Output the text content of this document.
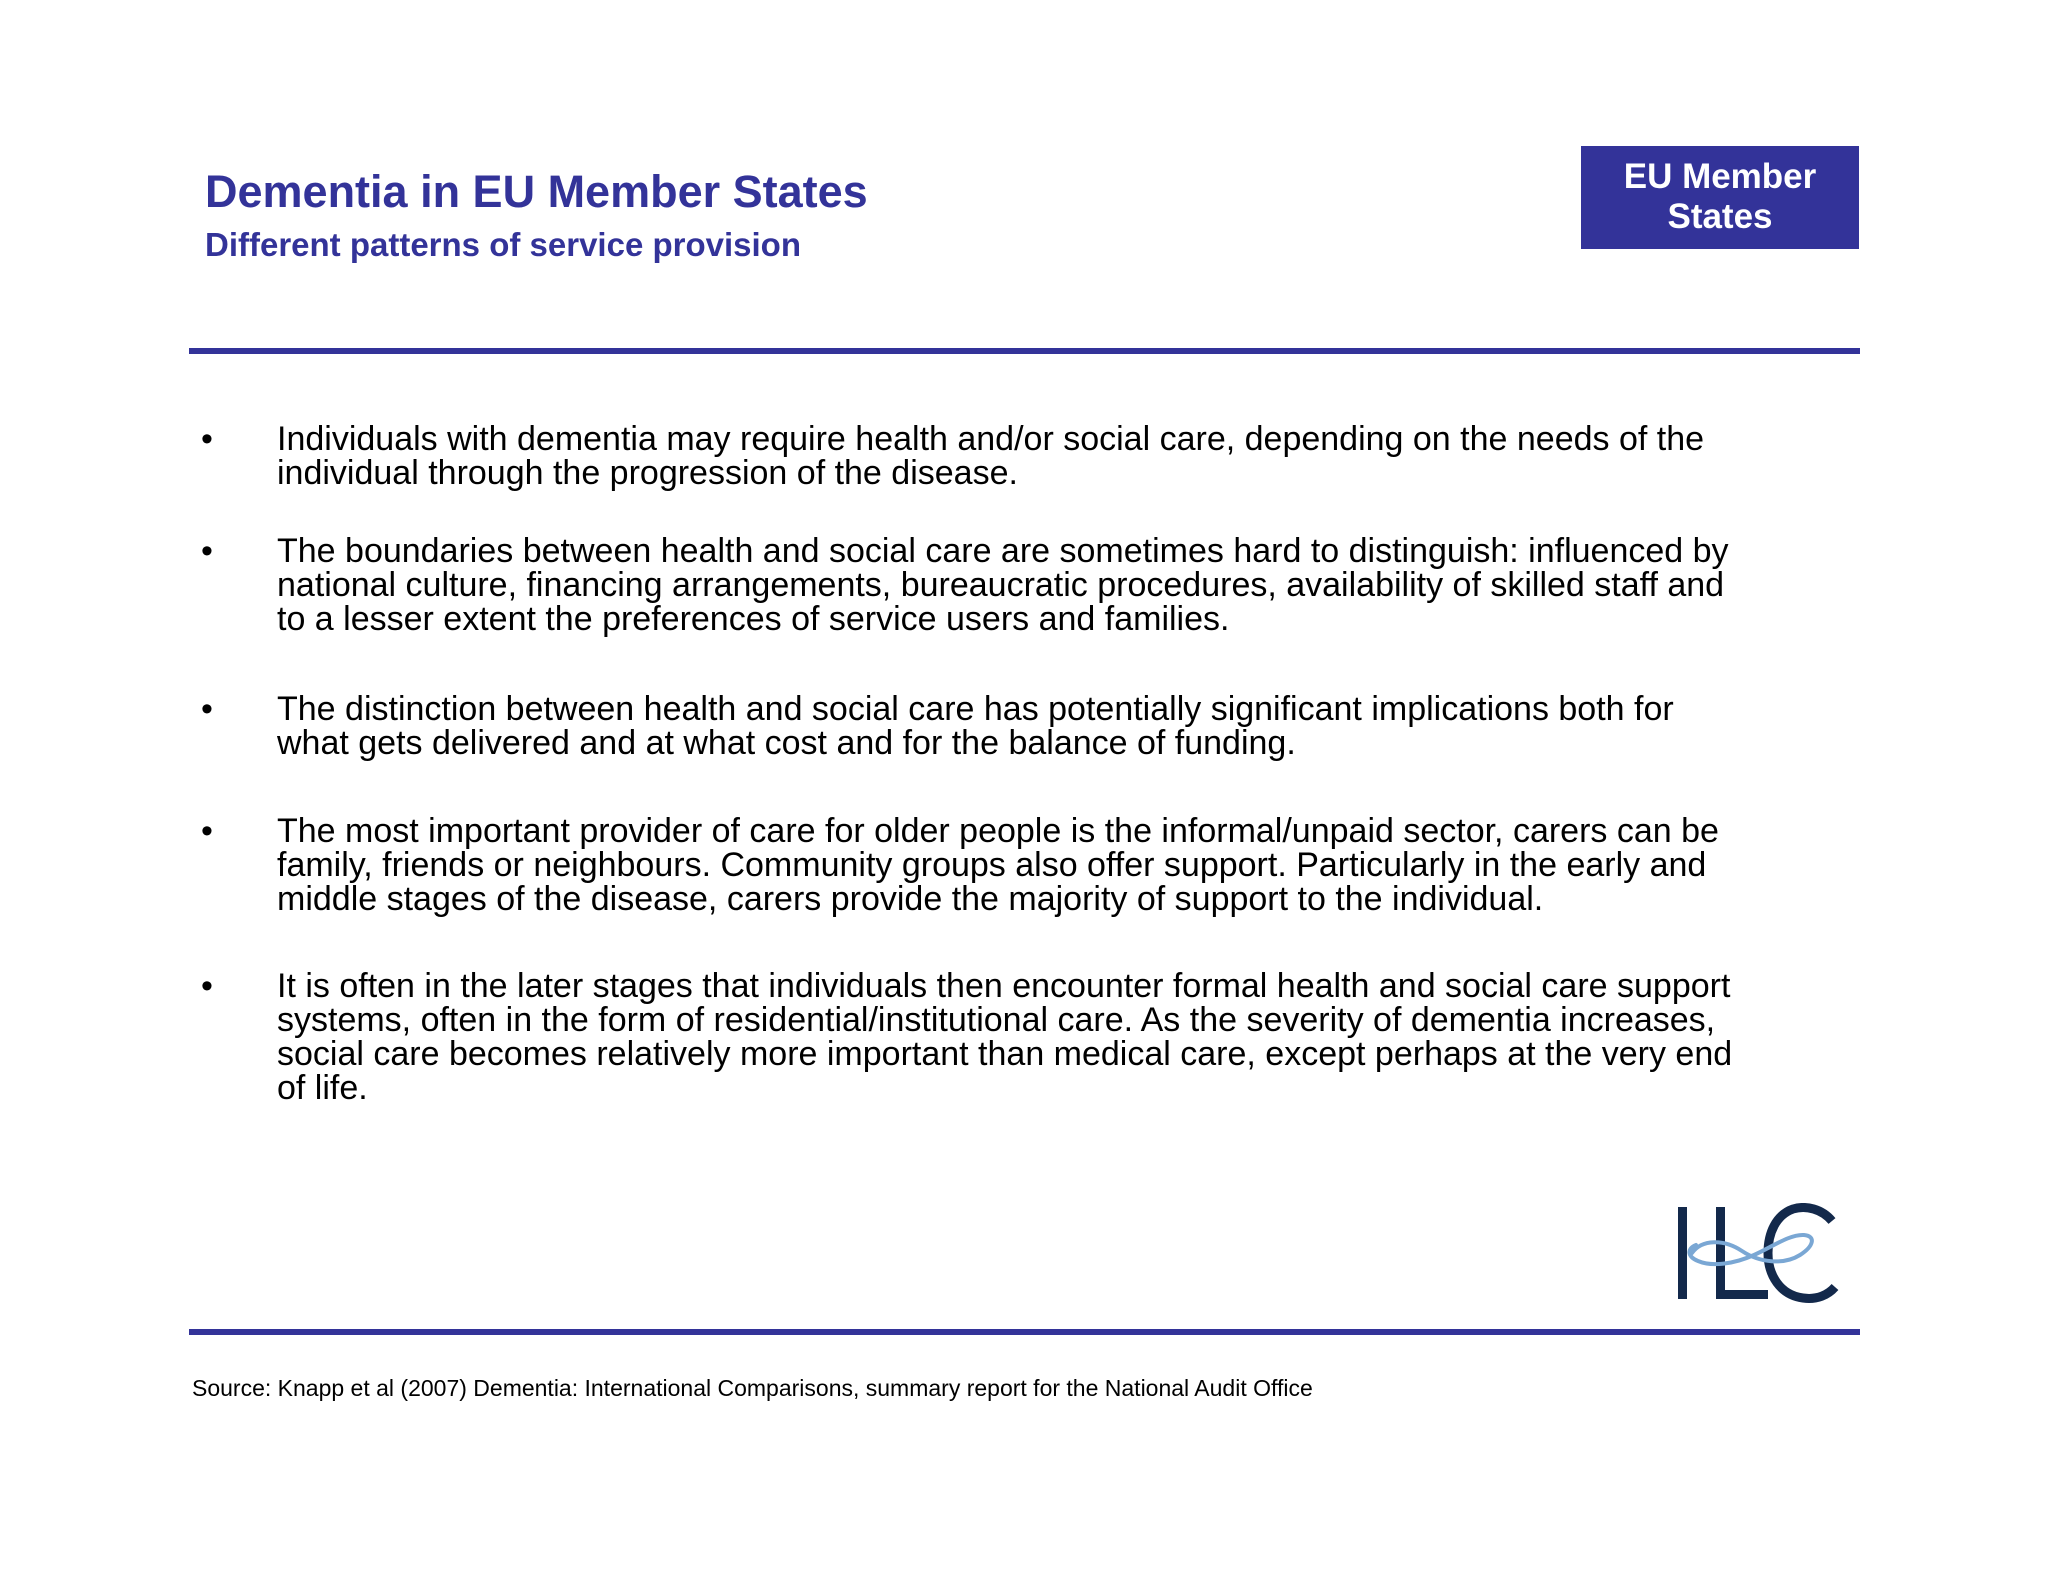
Dementia in EU Member States
Different patterns of service provision
EU Member States
• Individuals with dementia may require health and/or social care, depending on the needs of the
individual through the progression of the disease.
• The boundaries between health and social care are sometimes hard to distinguish: influenced by
national culture, financing arrangements, bureaucratic procedures, availability of skilled staff and
to a lesser extent the preferences of service users and families.
• The distinction between health and social care has potentially significant implications both for
what gets delivered and at what cost and for the balance of funding.
• The most important provider of care for older people is the informal/unpaid sector, carers can be
family, friends or neighbours. Community groups also offer support. Particularly in the early and
middle stages of the disease, carers provide the majority of support to the individual.
• It is often in the later stages that individuals then encounter formal health and social care support
systems, often in the form of residential/institutional care. As the severity of dementia increases,
social care becomes relatively more important than medical care, except perhaps at the very end
of life.
Source: Knapp et al (2007) Dementia: International Comparisons, summary report for the National Audit Office
